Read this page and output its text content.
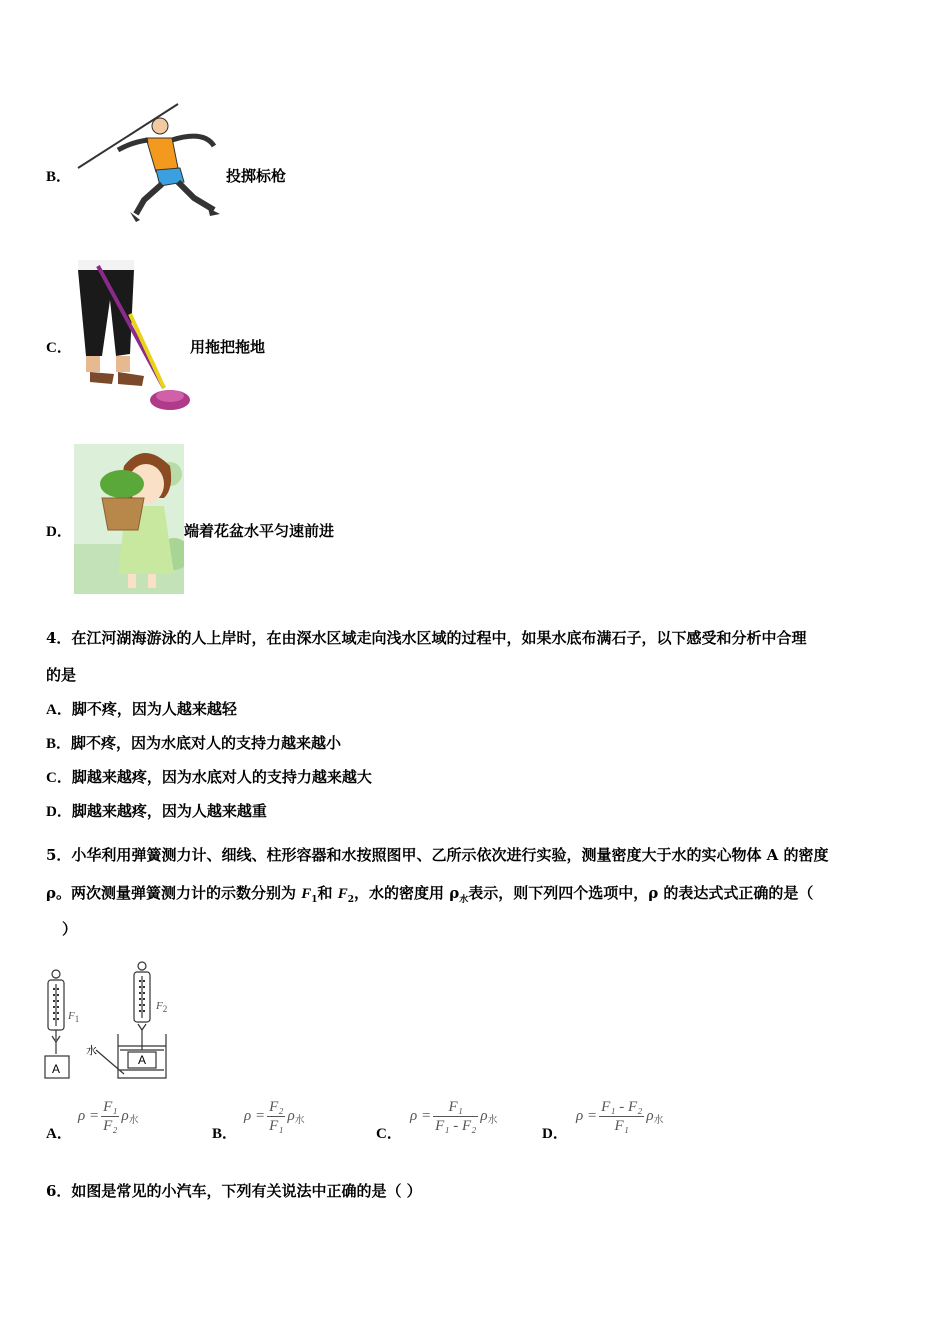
B．	投掷标枪
C．	用拖把拖地
D．	端着花盆水平匀速前进
4．在江河湖海游泳的人上岸时，在由深水区域走向浅水区域的过程中，如果水底布满石子，以下感受和分析中合理
的是
A．脚不疼，因为人越来越轻
B．脚不疼，因为水底对人的支持力越来越小
C．脚越来越疼，因为水底对人的支持力越来越大
D．脚越来越疼，因为人越来越重
5．小华利用弹簧测力计、细线、柱形容器和水按照图甲、乙所示依次进行实验，测量密度大于水的实心物体 A 的密度
ρ。两次测量弹簧测力计的示数分别为 $F_1$和 $F_2$，水的密度用 $\rho_水$表示，则下列四个选项中，ρ 的表达式式正确的是（
）
$F_1$
$F_2$
A
A
水
A．
$\rho = \frac{\text{F₁}}{\text{F₂}} \rho_水$
B．
$\rho = \frac{\text{F₂}}{\text{F₁}} \rho_水$
C．
$\rho = \frac{\text{F₁}}{\text{F₁ - F₂}} \rho_水$
D．
$\rho = \frac{\text{F₁ - F₂}}{\text{F₁}} \rho_水$
6．如图是常见的小汽车，下列有关说法中正确的是（ ）
